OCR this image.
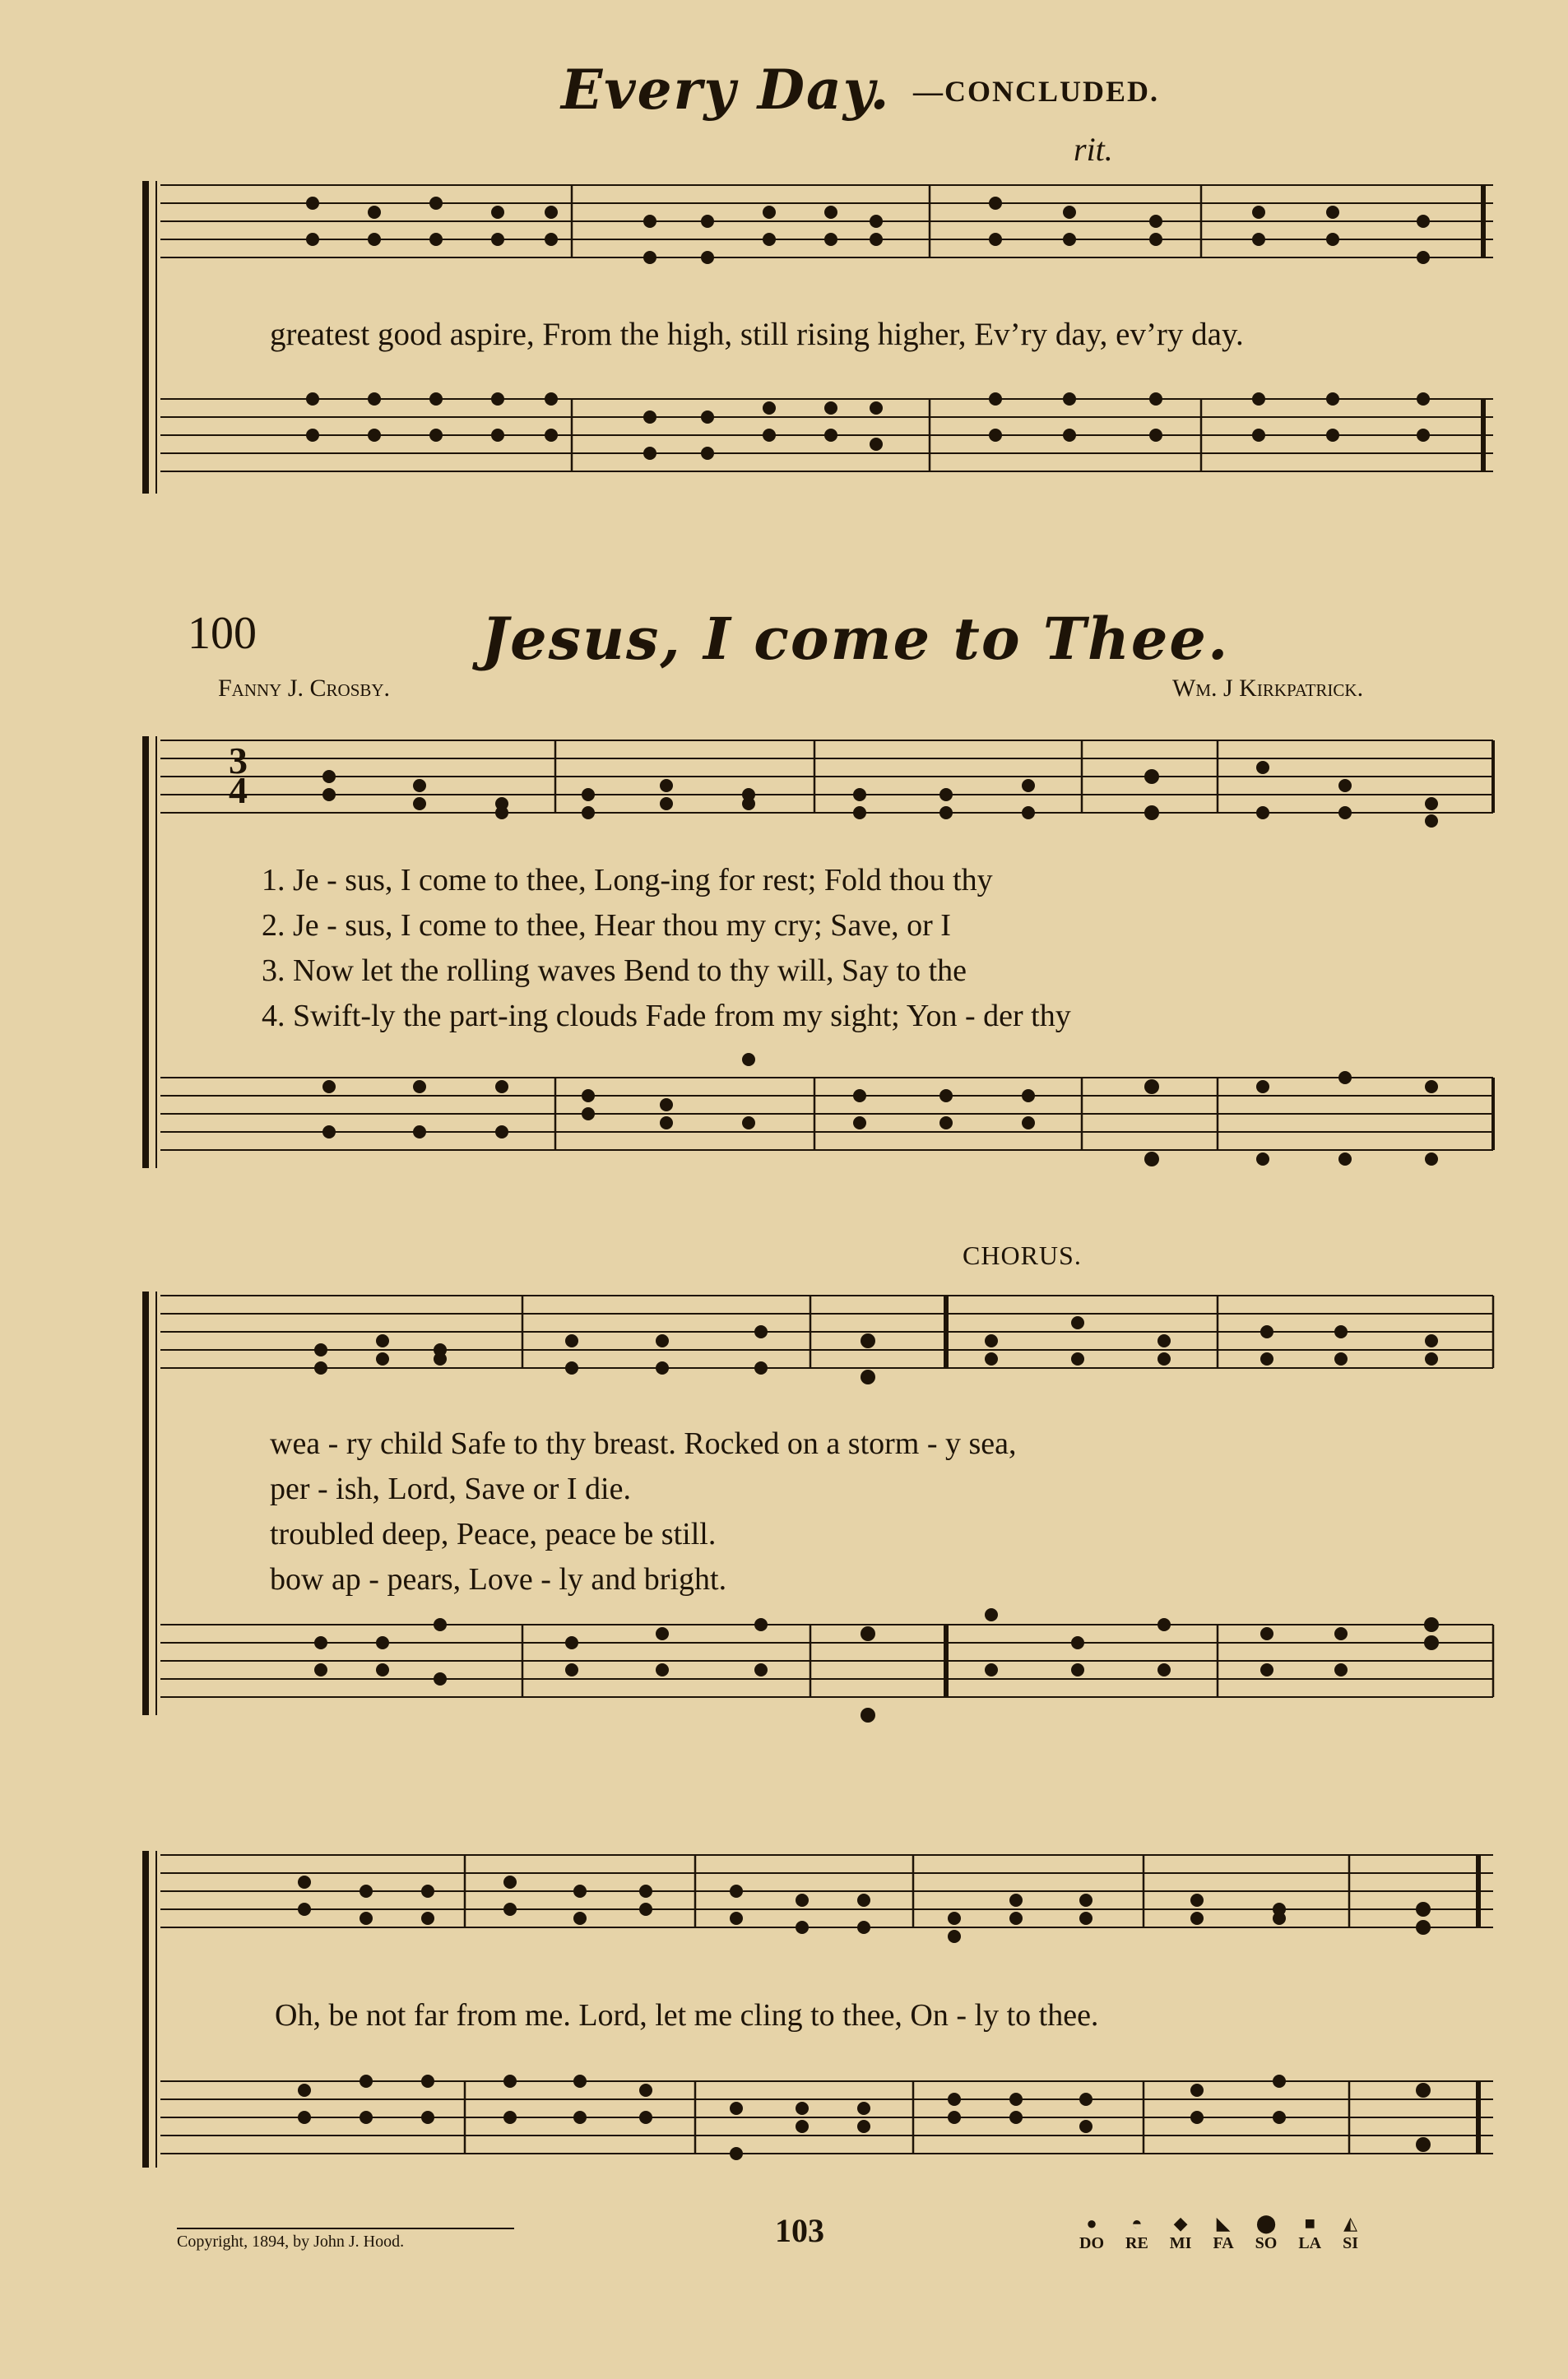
Every Day. —CONCLUDED.
rit.
greatest good aspire, From the high, still rising higher, Ev’ry day, ev’ry day.
100	Jesus, I come to Thee.
Fanny J. Crosby.	Wm. J Kirkpatrick.
3
4
1. Je - sus, I come to thee, Long-ing for rest; Fold thou thy
2. Je - sus, I come to thee, Hear thou my cry; Save, or I
3. Now let the rolling waves Bend to thy will, Say to the
4. Swift-ly the part-ing clouds Fade from my sight; Yon - der thy
CHORUS.
wea - ry child Safe to thy breast. Rocked on a storm - y sea,
per - ish, Lord, Save or I die.
troubled deep, Peace, peace be still.
bow ap - pears, Love - ly and bright.
Oh, be not far from me. Lord, let me cling to thee, On - ly to thee.
Copyright, 1894, by John J. Hood.	103	●
DO
◓
RE
◆
MI
◣
FA
⬤
SO
■
LA
◭
SI
